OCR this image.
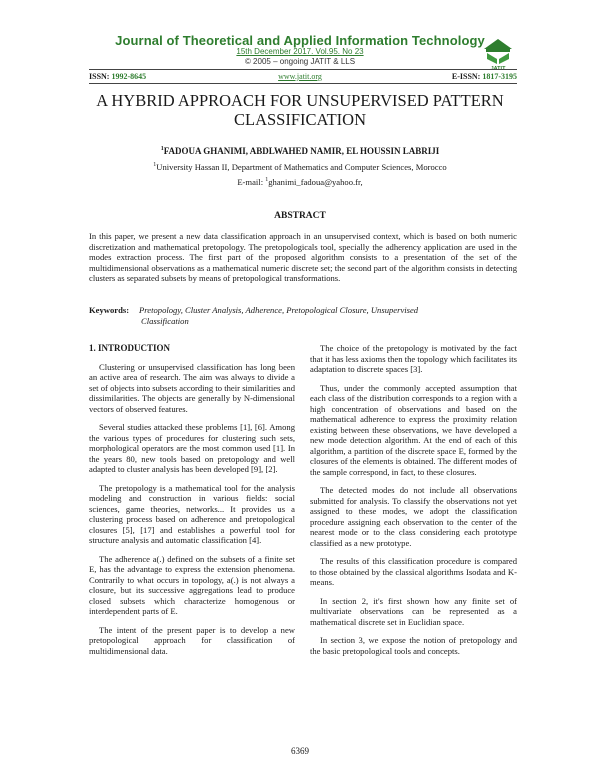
Journal of Theoretical and Applied Information Technology
15th December 2017. Vol.95. No 23
© 2005 – ongoing JATIT & LLS
JATIT
ISSN: 1992-8645	www.jatit.org	E-ISSN: 1817-3195
A HYBRID APPROACH FOR UNSUPERVISED PATTERN CLASSIFICATION
$^1$FADOUA GHANIMI, ABDLWAHED NAMIR, EL HOUSSIN LABRIJI
$^1$University Hassan II, Department of Mathematics and Computer Sciences, Morocco
E-mail: $^1$ghanimi_fadoua@yahoo.fr,
ABSTRACT
In this paper, we present a new data classification approach in an unsupervised context, which is based on both numeric discretization and mathematical pretopology. The pretopologicals tool, specially the adherency application are used in the modes extraction process. The first part of the proposed algorithm consists to a presentation of the set of the multidimensional observations as a mathematical numeric discrete set; the second part of the algorithm consists in detecting clusters as separated subsets by means of pretopological transformations.
Keywords: Pretopology, Cluster Analysis, Adherence, Pretopological Closure, Unsupervised
Classification

1. INTRODUCTION

Clustering or unsupervised classification has long been an active area of research. The aim was always to divide a set of objects into subsets according to their similarities and dissimilarities. The objects are generally by N-dimensional vectors of observed features.

Several studies attacked these problems [1], [6]. Among the various types of procedures for clustering such sets, morphological operators are the most common used [1]. In the years 80, new tools based on pretopology and well adapted to cluster analysis has been developed [9], [2].

The pretopology is a mathematical tool for the analysis modeling and construction in various fields: social sciences, game theories, networks... It provides us a clustering process based on adherence and pretopological closures [5], [17] and establishes a powerful tool for structure analysis and automatic classification [4].

The adherence a(.) defined on the subsets of a finite set E, has the advantage to express the extension phenomena. Contrarily to what occurs in topology, a(.) is not always a closure, but its successive aggregations lead to produce closed subsets which characterize homogenous or interdependent parts of E.

The intent of the present paper is to develop a new pretopological approach for classification of multidimensional data.

The choice of the pretopology is motivated by the fact that it has less axioms then the topology which facilitates its adaptation to discrete spaces [3].

Thus, under the commonly accepted assumption that each class of the distribution corresponds to a region with a high concentration of observations and based on the mathematical adherence to express the proximity relation existing between these observations, we have developed a new mode detection algorithm. At the end of each of this algorithm, a partition of the discrete space E, formed by the closures of the elements is obtained. The different modes of the sample correspond, in fact, to these closures.

The detected modes do not include all observations submitted for analysis. To classify the observations not yet assigned to these modes, we adopt the classification procedure assigning each observation to the center of the nearest mode or to the class considering each prototype classified as a new prototype.

The results of this classification procedure is compared to those obtained by the classical algorithms Isodata and K-means.

In section 2, it's first shown how any finite set of multivariate observations can be represented as a mathematical discrete set in Euclidian space.

In section 3, we expose the notion of pretopology and the basic pretopological tools and concepts.

6369
